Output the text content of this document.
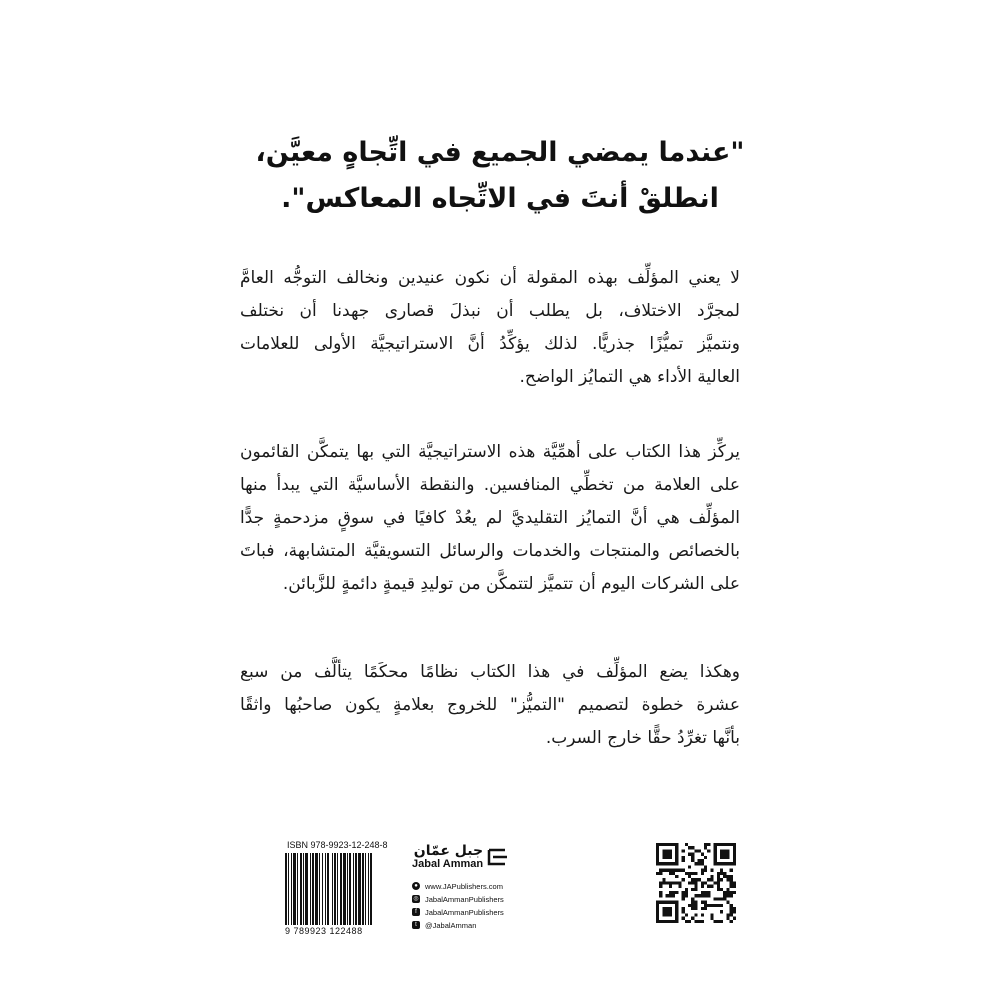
"عندما يمضي الجميع في اتِّجاهٍ معيَّن،
انطلقْ أنتَ في الاتِّجاه المعاكس".
لا يعني المؤلِّف بهذه المقولة أن نكون عنيدين ونخالف التوجُّه العامَّ
لمجرَّد الاختلاف، بل يطلب أن نبذلَ قصارى جهدنا أن نختلف
ونتميَّز تميُّزًا جذريًّا. لذلك يؤكِّدُ أنَّ الاستراتيجيَّة الأولى للعلامات
العالية الأداء هي التمايُز الواضح.
يركِّز هذا الكتاب على أهمِّيَّة هذه الاستراتيجيَّة التي بها يتمكَّن القائمون
على العلامة من تخطِّي المنافسين. والنقطة الأساسيَّة التي يبدأ منها
المؤلِّف هي أنَّ التمايُز التقليديَّ لم يعُدْ كافيًا في سوقٍ مزدحمةٍ جدًّا
بالخصائص والمنتجات والخدمات والرسائل التسويقيَّة المتشابهة، فباتَ
على الشركات اليوم أن تتميَّز لتتمكَّن من توليدِ قيمةٍ دائمةٍ للزَّبائن.
وهكذا يضع المؤلِّف في هذا الكتاب نظامًا محكَمًا يتألَّف من سبع
عشرة خطوة لتصميم "التميُّز" للخروج بعلامةٍ يكون صاحبُها واثقًا
بأنَّها تغرِّدُ حقًّا خارج السرب.
ISBN 978-9923-12-248-8
9 789923 122488
جبل عمّان
Jabal Amman
● www.JAPublishers.com
◎ JabalAmmanPublishers
f	JabalAmmanPublishers
t	@JabalAmman
